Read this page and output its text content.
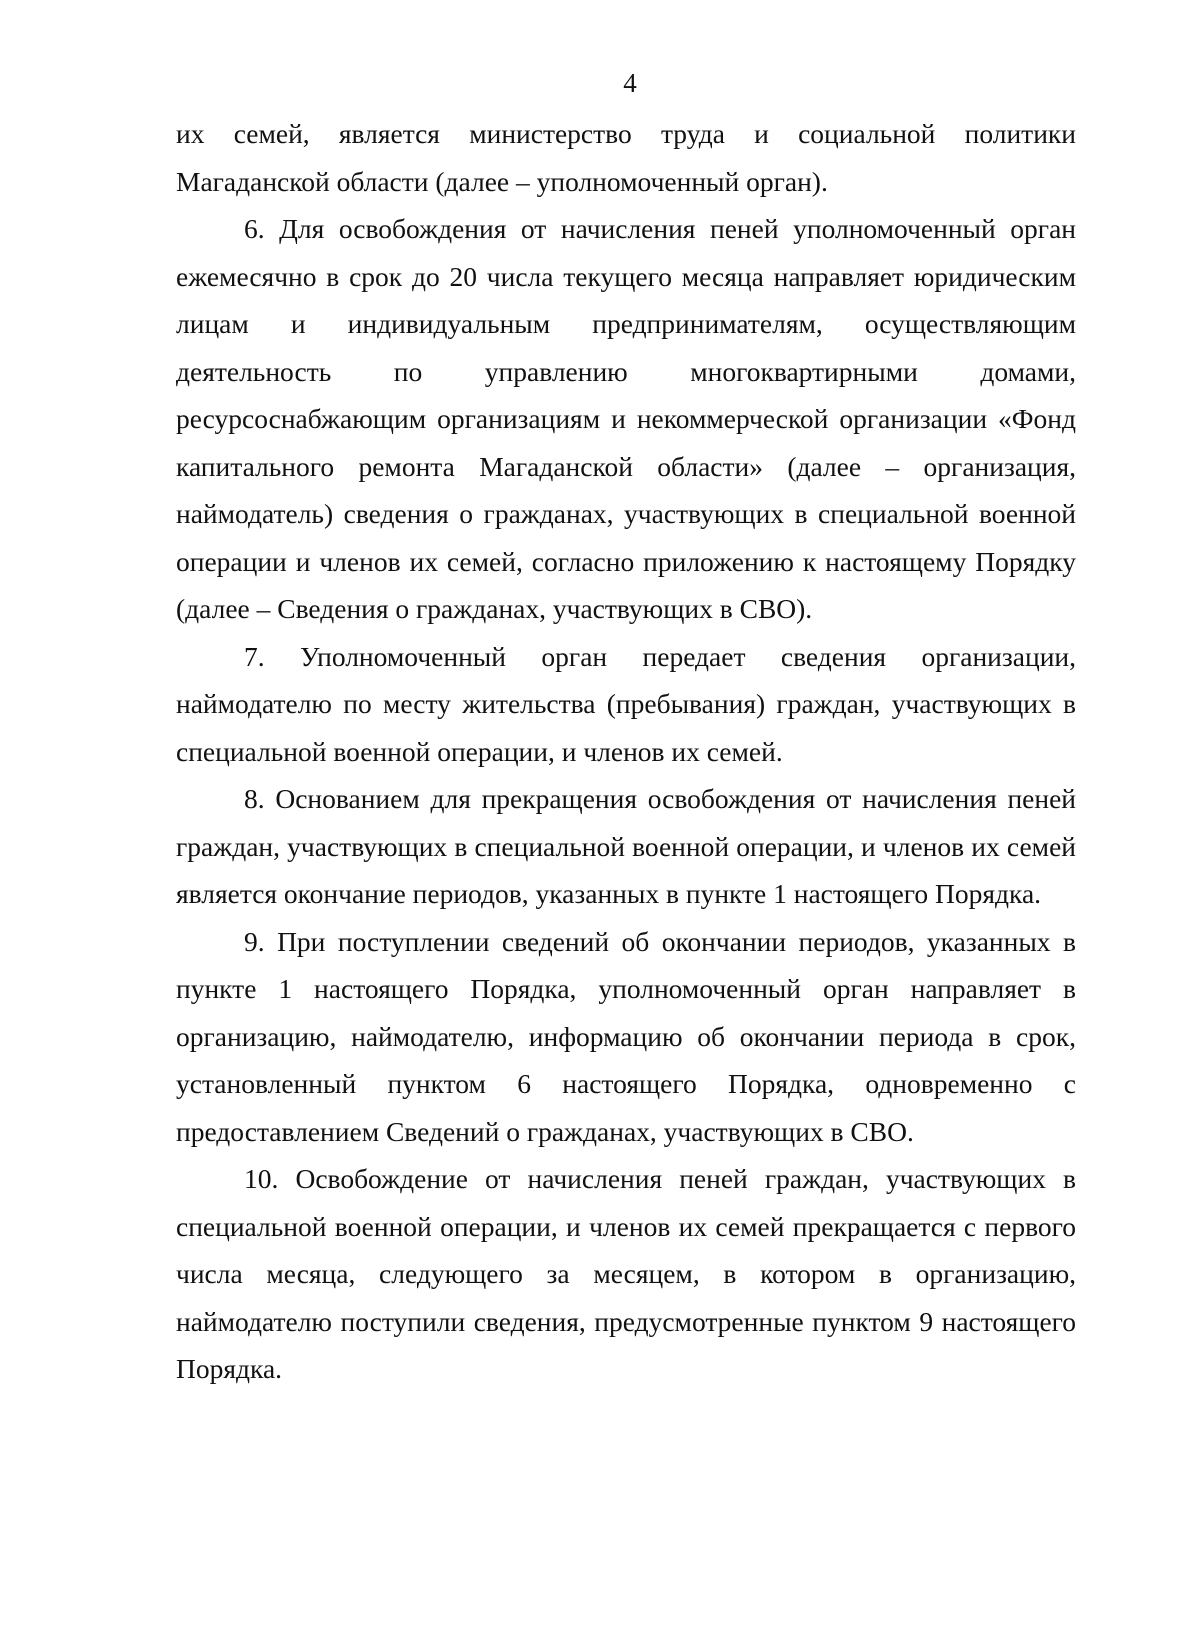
4

их семей, является министерство труда и социальной политики Магаданской области (далее – уполномоченный орган).

6. Для освобождения от начисления пеней уполномоченный орган ежемесячно в срок до 20 числа текущего месяца направляет юридическим лицам и индивидуальным предпринимателям, осуществляющим деятельность по управлению многоквартирными домами, ресурсоснабжающим организациям и некоммерческой организации «Фонд капитального ремонта Магаданской области» (далее – организация, наймодатель) сведения о гражданах, участвующих в специальной военной операции и членов их семей, согласно приложению к настоящему Порядку (далее – Сведения о гражданах, участвующих в СВО).

7. Уполномоченный орган передает сведения организации, наймодателю по месту жительства (пребывания) граждан, участвующих в специальной военной операции, и членов их семей.

8. Основанием для прекращения освобождения от начисления пеней граждан, участвующих в специальной военной операции, и членов их семей является окончание периодов, указанных в пункте 1 настоящего Порядка.

9. При поступлении сведений об окончании периодов, указанных в пункте 1 настоящего Порядка, уполномоченный орган направляет в организацию, наймодателю, информацию об окончании периода в срок, установленный пунктом 6 настоящего Порядка, одновременно с предоставлением Сведений о гражданах, участвующих в СВО.

10. Освобождение от начисления пеней граждан, участвующих в специальной военной операции, и членов их семей прекращается с первого числа месяца, следующего за месяцем, в котором в организацию, наймодателю поступили сведения, предусмотренные пунктом 9 настоящего Порядка.
